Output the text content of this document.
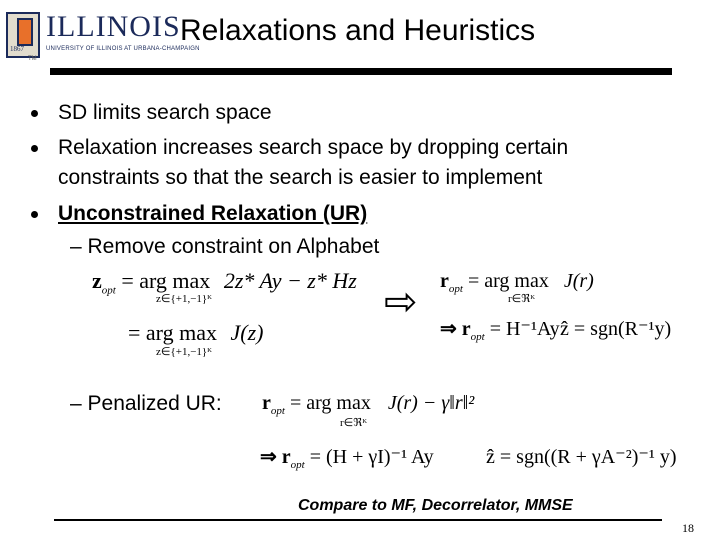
1867
ILLINOIS
UNIVERSITY OF ILLINOIS AT URBANA-CHAMPAIGN
TM
Relaxations and Heuristics
SD limits search space
Relaxation increases search space by dropping certain
constraints so that the search is easier to implement
Unconstrained Relaxation (UR)
– Remove constraint on Alphabet
$z_{opt}$ = arg max 2z* Ay − z* Hz
z∈{+1,−1}ᴷ
= arg max J(z)
z∈{+1,−1}ᴷ
⇨ $r_{opt}$ = arg max J(r)
r∈ℜᴷ
⇒ $r_{opt} = H^{-1}Ay$ ẑ = sgn(R⁻¹y)
– Penalized UR: $r_{opt}$ = arg max J(r) − γ‖r‖²
r∈ℜᴷ
⇒ $r_{opt} = (H + \gamma I)^{-1}$ Ay	ẑ = sgn((R + γA⁻²)⁻¹ y)
Compare to MF, Decorrelator, MMSE
18
